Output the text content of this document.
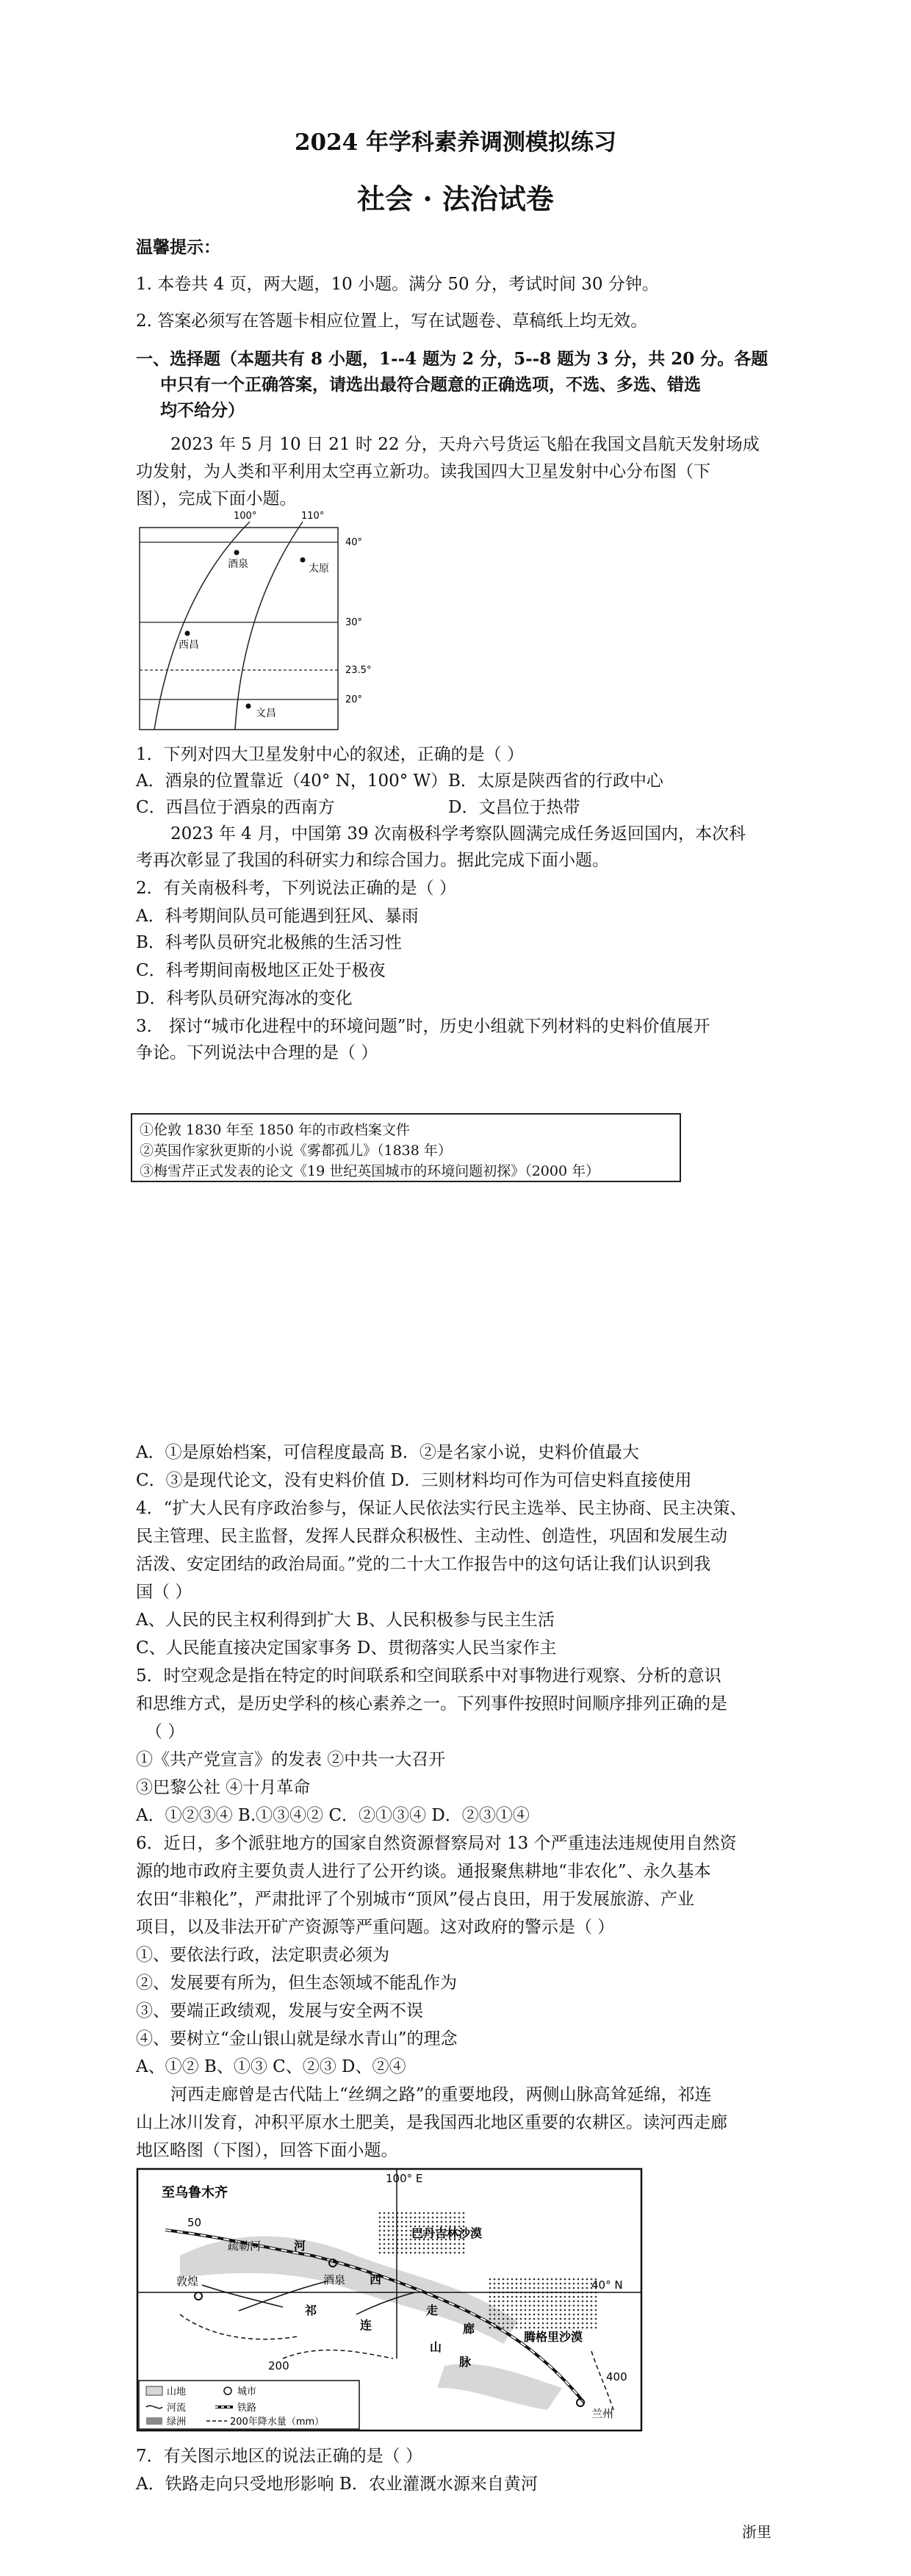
2024 年学科素养调测模拟练习
社会 · 法治试卷
温馨提示：
1. 本卷共 4 页，两大题，10 小题。满分 50 分，考试时间 30 分钟。
2. 答案必须写在答题卡相应位置上，写在试题卷、草稿纸上均无效。
一、选择题（本题共有 8 小题，1--4 题为 2 分，5--8 题为 3 分，共 20 分。各题
中只有一个正确答案，请选出最符合题意的正确选项，不选、多选、错选
均不给分）
2023 年 5 月 10 日 21 时 22 分，天舟六号货运飞船在我国文昌航天发射场成
功发射，为人类和平利用太空再立新功。读我国四大卫星发射中心分布图（下
图），完成下面小题。
100°	110°
40°
30°
23.5°
20°
酒泉	太原
西昌
文昌
1．下列对四大卫星发射中心的叙述，正确的是（ ）
A．酒泉的位置靠近（40° N，100° W） B．太原是陕西省的行政中心
C．西昌位于酒泉的西南方	D．文昌位于热带
2023 年 4 月，中国第 39 次南极科学考察队圆满完成任务返回国内，本次科
考再次彰显了我国的科研实力和综合国力。据此完成下面小题。
2．有关南极科考，下列说法正确的是（ ）
A．科考期间队员可能遇到狂风、暴雨
B．科考队员研究北极熊的生活习性
C．科考期间南极地区正处于极夜
D．科考队员研究海冰的变化
3． 探讨“城市化进程中的环境问题”时，历史小组就下列材料的史料价值展开
争论。下列说法中合理的是（ ）
①伦敦 1830 年至 1850 年的市政档案文件
②英国作家狄更斯的小说《雾都孤儿》（1838 年）
③梅雪芹正式发表的论文《19 世纪英国城市的环境问题初探》（2000 年）
A．①是原始档案，可信程度最高 B．②是名家小说，史料价值最大
C．③是现代论文，没有史料价值 D．三则材料均可作为可信史料直接使用
4．“扩大人民有序政治参与，保证人民依法实行民主选举、民主协商、民主决策、
民主管理、民主监督，发挥人民群众积极性、主动性、创造性，巩固和发展生动
活泼、安定团结的政治局面。”党的二十大工作报告中的这句话让我们认识到我
国（ ）
A、人民的民主权利得到扩大 B、人民积极参与民主生活
C、人民能直接决定国家事务 D、贯彻落实人民当家作主
5．时空观念是指在特定的时间联系和空间联系中对事物进行观察、分析的意识
和思维方式，是历史学科的核心素养之一。下列事件按照时间顺序排列正确的是
（ ）
①《共产党宣言》的发表 ②中共一大召开
③巴黎公社 ④十月革命
A．①②③④ B.①③④② C．②①③④ D．②③①④
6．近日，多个派驻地方的国家自然资源督察局对 13 个严重违法违规使用自然资
源的地市政府主要负责人进行了公开约谈。通报聚焦耕地“非农化”、永久基本
农田“非粮化”，严肃批评了个别城市“顶风”侵占良田，用于发展旅游、产业
项目，以及非法开矿产资源等严重问题。这对政府的警示是（ ）
①、要依法行政，法定职责必须为
②、发展要有所为，但生态领域不能乱作为
③、要端正政绩观，发展与安全两不误
④、要树立“金山银山就是绿水青山”的理念
A、①② B、①③ C、②③ D、②④
河西走廊曾是古代陆上“丝绸之路”的重要地段，两侧山脉高耸延绵，祁连
山上冰川发育，冲积平原水土肥美，是我国西北地区重要的农耕区。读河西走廊
地区略图（下图），回答下面小题。
至乌鲁木齐
100° E
50
疏勒河	河
酒泉
巴丹吉林沙漠
40° N
敦煌	西
走
廊
腾格里沙漠
祁
连
山
脉
200
400
兰州
山地	城市
河流	铁路
绿洲	200年降水量（mm）
7．有关图示地区的说法正确的是（ ）
A．铁路走向只受地形影响 B．农业灌溉水源来自黄河
浙里
